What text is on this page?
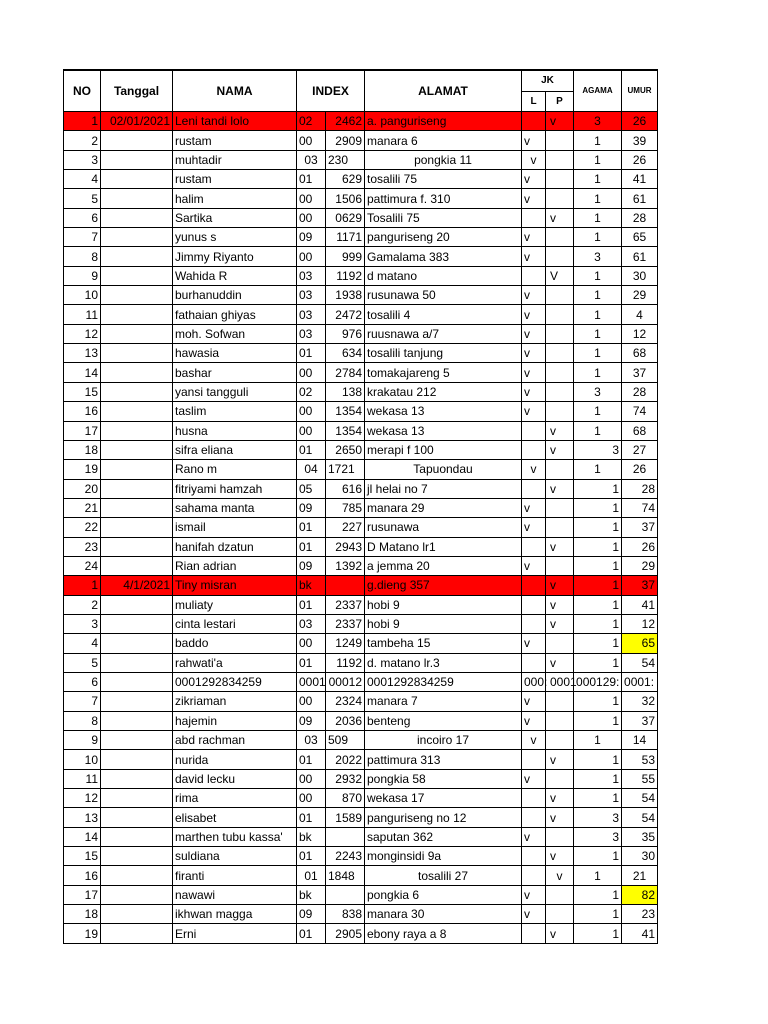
NO	Tanggal	NAMA	INDEX		ALAMAT	JK		AGAMA	UMUR
						L	P		
1	02/01/2021	Leni tandi lolo	02	2462	a. panguriseng		v	3	26
2		rustam	00	2909	manara 6	v		1	39
3		muhtadir	03	230	pongkia 11	v		1	26
4		rustam	01	629	tosalili 75	v		1	41
5		halim	00	1506	pattimura f. 310	v		1	61
6		Sartika	00	0629	Tosalili 75		v	1	28
7		yunus s	09	1171	panguriseng 20	v		1	65
8		Jimmy Riyanto	00	999	Gamalama 383	v		3	61
9		Wahida R	03	1192	d matano		V	1	30
10		burhanuddin	03	1938	rusunawa 50	v		1	29
11		fathaian ghiyas	03	2472	tosalili 4	v		1	4
12		moh. Sofwan	03	976	ruusnawa a/7	v		1	12
13		hawasia	01	634	tosalili tanjung	v		1	68
14		bashar	00	2784	tomakajareng 5	v		1	37
15		yansi tangguli	02	138	krakatau 212	v		3	28
16		taslim	00	1354	wekasa 13	v		1	74
17		husna	00	1354	wekasa 13		v	1	68
18		sifra eliana	01	2650	merapi f 100		v	3	27
19		Rano m	04	1721	Tapuondau	v		1	26
20		fitriyami hamzah	05	616	jl helai no 7		v	1	28
21		sahama manta	09	785	manara 29	v		1	74
22		ismail	01	227	rusunawa	v		1	37
23		hanifah dzatun	01	2943	D Matano lr1		v	1	26
24		Rian adrian	09	1392	a jemma 20	v		1	29
1	4/1/2021	Tiny misran	bk		g.dieng 357		v	1	37
2		muliaty	01	2337	hobi 9		v	1	41
3		cinta lestari	03	2337	hobi 9		v	1	12
4		baddo	00	1249	tambeha 15	v		1	65
5		rahwati'a	01	1192	d. matano lr.3		v	1	54
6		0001292834259	0001	00012	0001292834259	000:	0001	000129:	0001:
7		zikriaman	00	2324	manara 7	v		1	32
8		hajemin	09	2036	benteng	v		1	37
9		abd rachman	03	509	incoiro 17	v		1	14
10		nurida	01	2022	pattimura 313		v	1	53
11		david lecku	00	2932	pongkia 58	v		1	55
12		rima	00	870	wekasa 17		v	1	54
13		elisabet	01	1589	panguriseng no 12		v	3	54
14		marthen tubu kassa'	bk		saputan 362	v		3	35
15		suldiana	01	2243	monginsidi 9a		v	1	30
16		firanti	01	1848	tosalili 27		v	1	21
17		nawawi	bk		pongkia 6	v		1	82
18		ikhwan magga	09	838	manara 30	v		1	23
19		Erni	01	2905	ebony raya a 8		v	1	41
